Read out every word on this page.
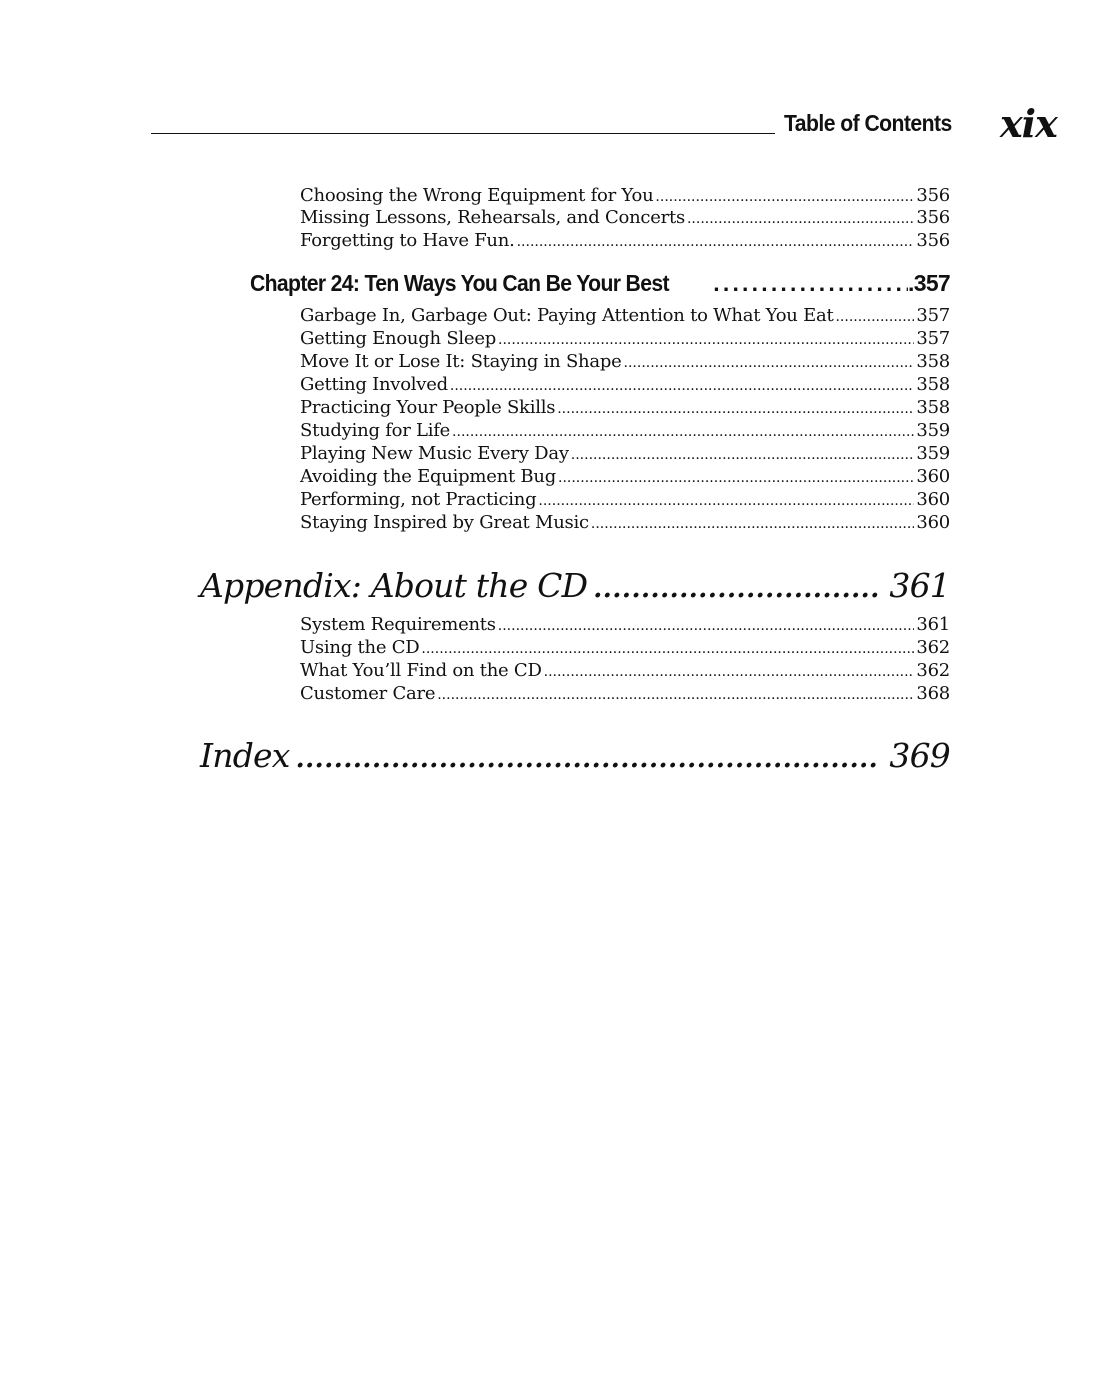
Table of Contents xix
Choosing the Wrong Equipment for You .....	356
Missing Lessons, Rehearsals, and Concerts .....	356
Forgetting to Have Fun. .....	356
Chapter 24: Ten Ways You Can Be Your Best .....	.357
Garbage In, Garbage Out: Paying Attention to What You Eat .....	357
Getting Enough Sleep .....	357
Move It or Lose It: Staying in Shape .....	358
Getting Involved .....	358
Practicing Your People Skills .....	358
Studying for Life .....	359
Playing New Music Every Day .....	359
Avoiding the Equipment Bug .....	360
Performing, not Practicing .....	360
Staying Inspired by Great Music .....	360
Appendix: About the CD .....	361
System Requirements .....	361
Using the CD .....	362
What You’ll Find on the CD .....	362
Customer Care .....	368
Index .....	369
